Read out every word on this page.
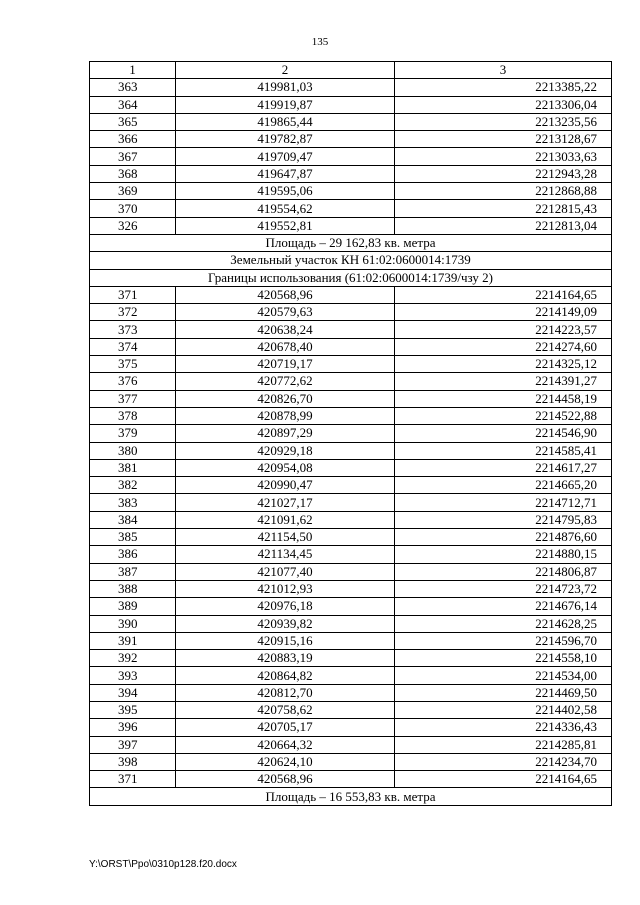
135
1	2	3
363	419981,03	2213385,22
364	419919,87	2213306,04
365	419865,44	2213235,56
366	419782,87	2213128,67
367	419709,47	2213033,63
368	419647,87	2212943,28
369	419595,06	2212868,88
370	419554,62	2212815,43
326	419552,81	2212813,04
Площадь – 29 162,83 кв. метра		
Земельный участок КН 61:02:0600014:1739		
Границы использования (61:02:0600014:1739/чзу 2)		
371	420568,96	2214164,65
372	420579,63	2214149,09
373	420638,24	2214223,57
374	420678,40	2214274,60
375	420719,17	2214325,12
376	420772,62	2214391,27
377	420826,70	2214458,19
378	420878,99	2214522,88
379	420897,29	2214546,90
380	420929,18	2214585,41
381	420954,08	2214617,27
382	420990,47	2214665,20
383	421027,17	2214712,71
384	421091,62	2214795,83
385	421154,50	2214876,60
386	421134,45	2214880,15
387	421077,40	2214806,87
388	421012,93	2214723,72
389	420976,18	2214676,14
390	420939,82	2214628,25
391	420915,16	2214596,70
392	420883,19	2214558,10
393	420864,82	2214534,00
394	420812,70	2214469,50
395	420758,62	2214402,58
396	420705,17	2214336,43
397	420664,32	2214285,81
398	420624,10	2214234,70
371	420568,96	2214164,65
Площадь – 16 553,83 кв. метра		
Y:\ORST\Ppo\0310p128.f20.docx
